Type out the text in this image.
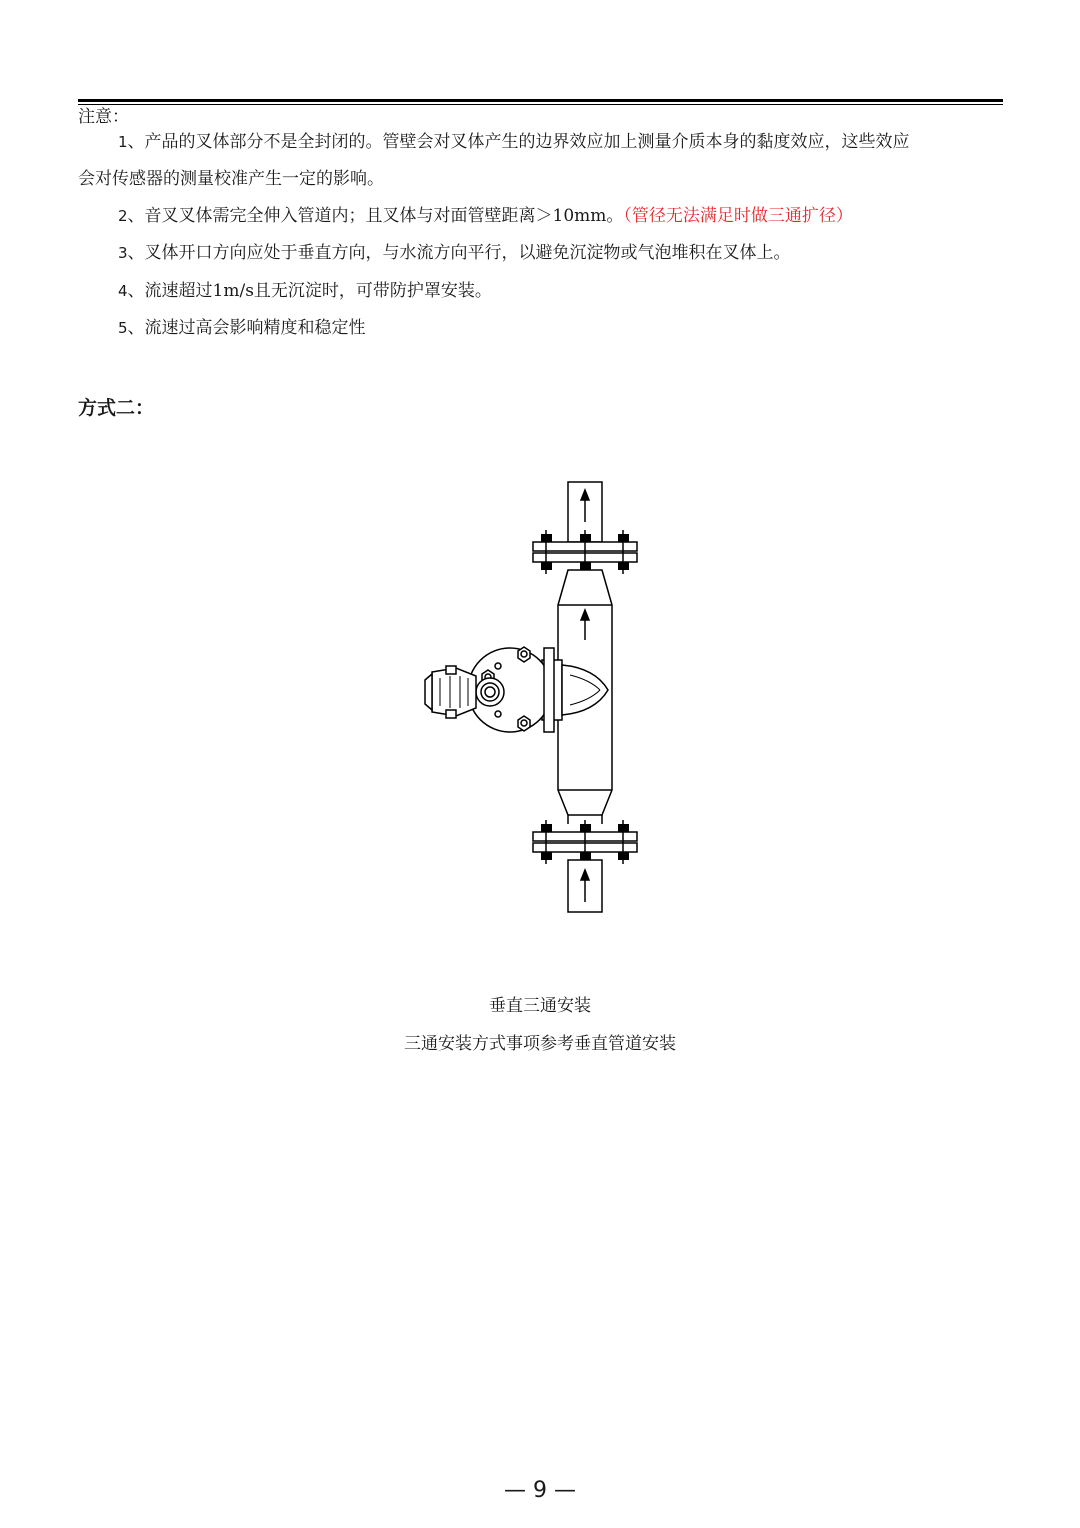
注意：
1、产品的叉体部分不是全封闭的。管壁会对叉体产生的边界效应加上测量介质本身的黏度效应，这些效应
会对传感器的测量校准产生一定的影响。
2、音叉叉体需完全伸入管道内；且叉体与对面管壁距离＞10mm。（管径无法满足时做三通扩径）
3、叉体开口方向应处于垂直方向，与水流方向平行，以避免沉淀物或气泡堆积在叉体上。
4、流速超过1m/s且无沉淀时，可带防护罩安装。
5、流速过高会影响精度和稳定性
方式二：
垂直三通安装
三通安装方式事项参考垂直管道安装
— 9 —
